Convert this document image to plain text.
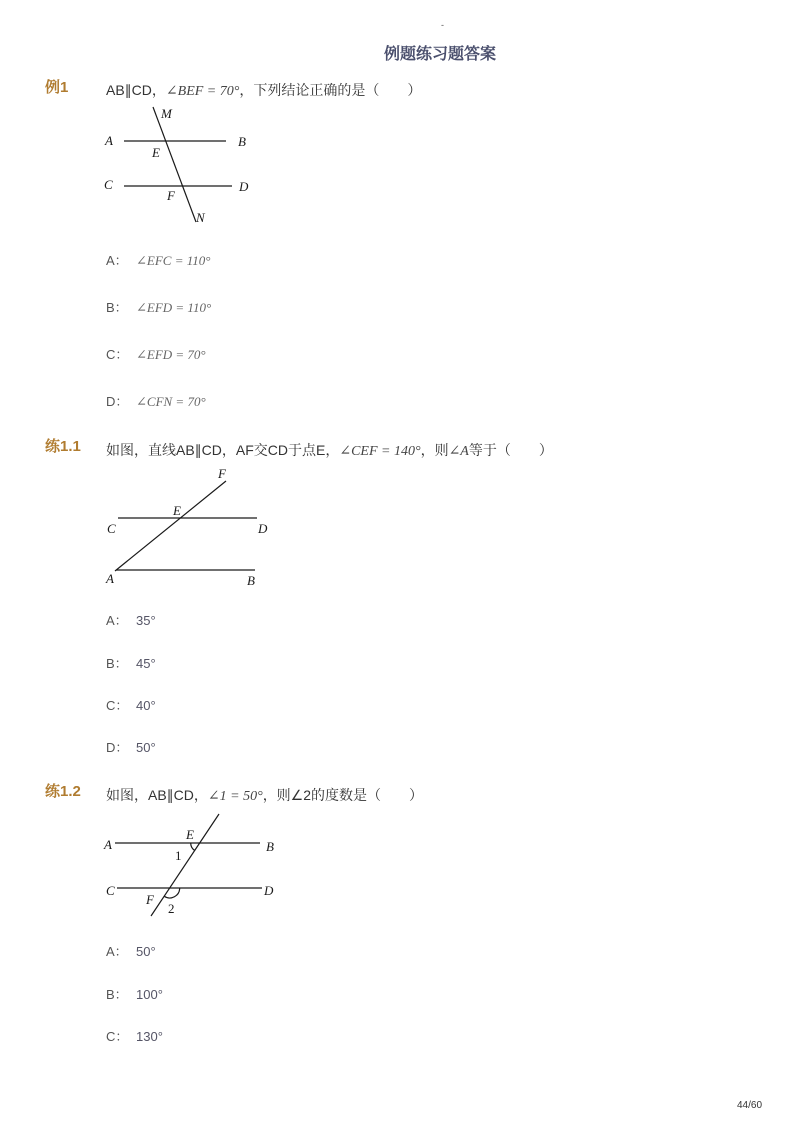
-
例题练习题答案
例1	AB∥CD，∠BEF = 70°，下列结论正确的是（　　）
M
A
E
B
C
F
D
N
A： ∠EFC = 110°
B： ∠EFD = 110°
C： ∠EFD = 70°
D： ∠CFN = 70°
练1.1 如图，直线AB∥CD，AF交CD于点E，∠CEF = 140°，则∠A等于（　　）
F
E
C	D
A	B
A： 35°
B： 45°
C： 40°
D： 50°
练1.2 如图，AB∥CD，∠1 = 50°，则∠2的度数是（　　）
A
E
B
1
C
F
D
2
A： 50°
B： 100°
C： 130°
44/60
